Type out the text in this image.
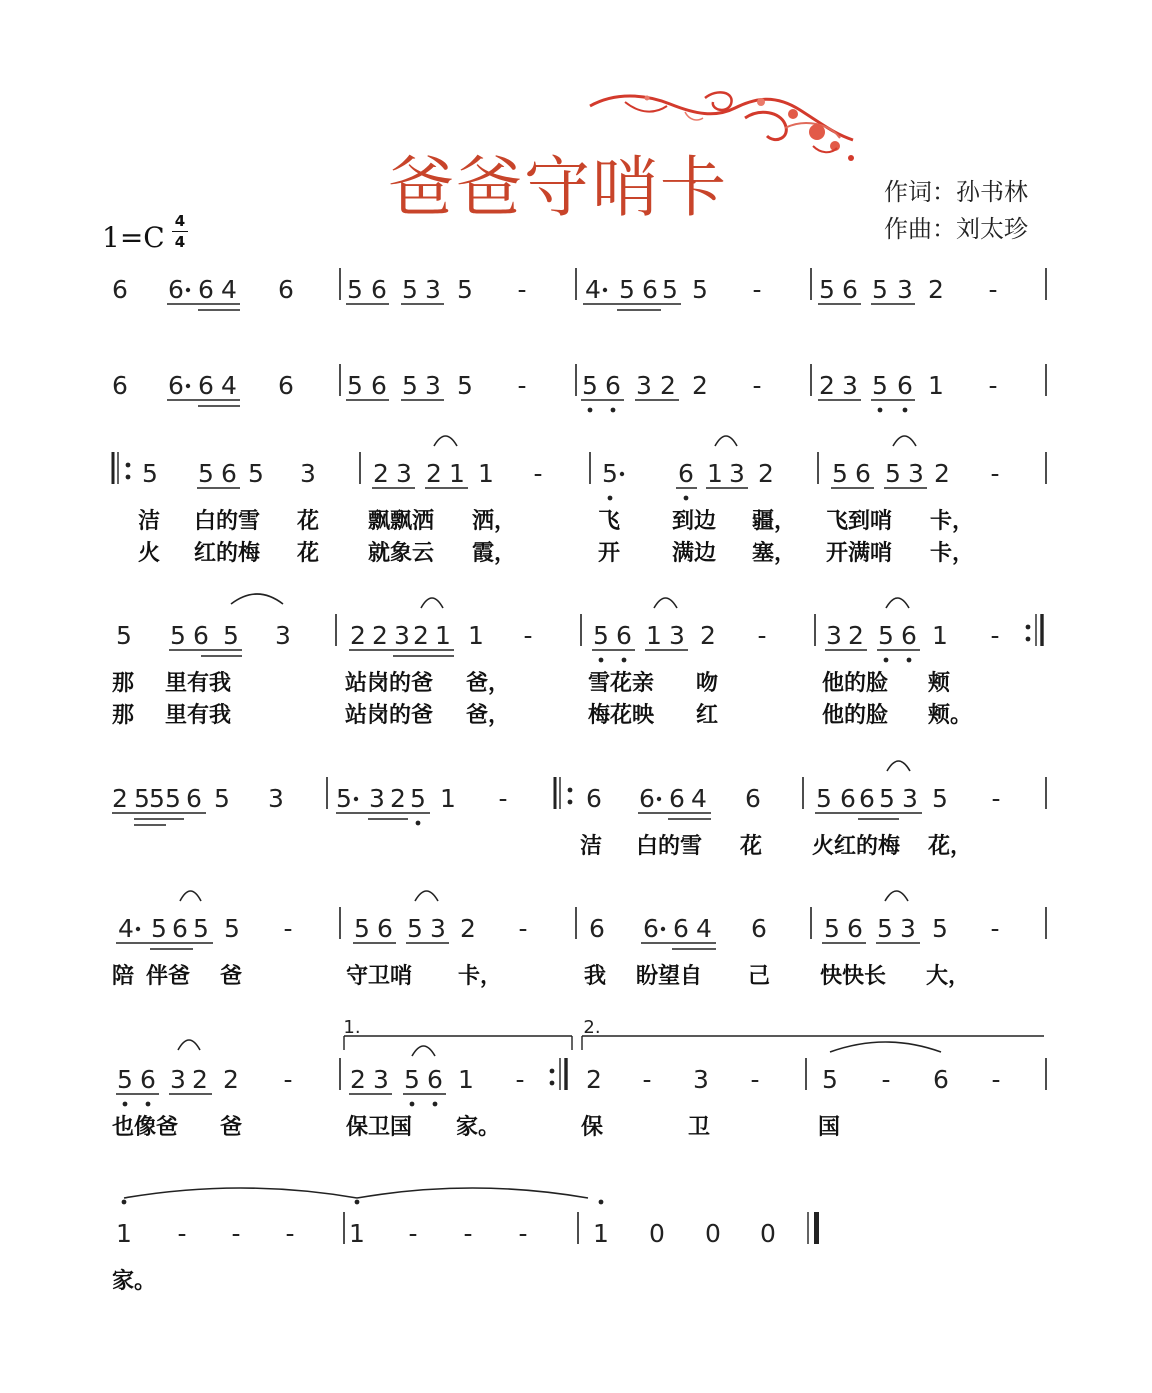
爸爸守哨卡	作词：孙书林
作曲：刘太珍
1=C 4
4
6 6 6 4 6 5 6 5 3 5 - 4 5 6 5 5 - 5 6 5 3 2 -
6 6 6 4 6 5 6 5 3 5 - 5 6 3 2 2 - 2 3 5 6 1 -
5 5 6 5 3 2 3 2 1 1 - 5 6 1 3 2 5 6 5 3 2 -
洁 白的雪 花 飘飘洒 洒，	飞 到边 疆， 飞到哨 卡，
火 红的梅 花 就象云 霞，	开 满边 塞， 开满哨 卡，
5 5 6 5 3 2 2 3 2 1 1 - 5 6 1 3 2 - 3 2 5 6 1 -
那 里有我	站岗的爸 爸，	雪花亲 吻	他的脸 颊
那 里有我	站岗的爸 爸，	梅花映 红	他的脸 颊。
2 5 5 5 6 5 3 5 3 2 5 1 -	6 6 6 4 6 5 6 6 5 3 5 -
洁 白的雪 花 火红的梅 花，
4 5 6 5 5 - 5 6 5 3 2 - 6 6 6 4 6 5 6 5 3 5 -
陪 伴爸 爸	守卫哨 卡，	我 盼望自 己 快快长 大，
5 6 3 2 2 - 2 3 5 6 1 - 2 - 3 -	5 - 6 -
也像爸 爸	保卫国 家。	保	卫	国
1 - - - 1 - - -	1 0 0 0
家。
1.	2.
